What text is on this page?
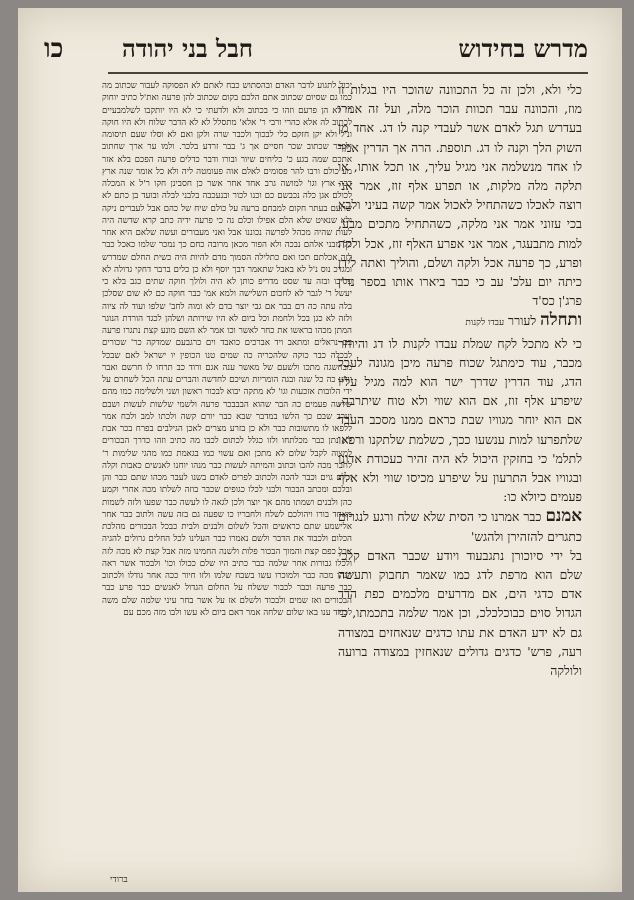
מדרש בחידוש
חבל בני יהודה
כו

כלי ולא, ולכן זה כל התכוונה שהוכר היו בגלות זו מוז, והכוונה עבר תכוות הוכר מלה, ועל זה אמרו בעדרש תגל לאדם אשר לעבדי קנה לו דג. אחד מן השוק הלך וקנה לו דג. תוספת. הרה אך הדרין אמר לו אחד מנשלמה אני מגיל עליך, או תכל אותו, או תלקה מלה מלקות, או תפרע אלף זוז, אמר אני רוצה לאכלו כשהתחיל לאכול אמר קשה בעיני ולבא בכי עזוני אמר אני מלקה, כשהתחיל מתכים מבע, למות מתבעגר, אמר אני אפרע האלף זוז, אכל ולקה ופרע, כך פרעה אכל ולקה ושלם, והוליך ואתה לידן כיתה יום עלכ' עב כי כבר ביארו אותו בספר נר'ן פרג'ן כס'ד

ותחלה לעורר עבדו לקנות

כי לא מתכל לקח שמלת עבדו לקנות לו דג והיוחר מכבר, עוד כימתגל שכוח פרעה מיכן מגונה לעכל הדג, עוד הדרין שדרך ישר הוא למה מגיל עליו שיפרע אלף זוז, אם הוא שווי ולא טוח שיתרבה, אם הוא יוחר מגוויו שבת כראם ממנו מסכב העבד שלתפרעו למות ענשעו ככך, כשלמת שלתקנו ורפאו לתלמ' כי בחזקין היכול לא היה זהיר כעכודת אדונו ובגוויו אבל התרעון על שיפרע מכיסו שווי ולא אלף פעמים כיולא כו:

אמנם כבר אמרנו כי הסית שלא שלח ורגע לנגרום כתגרים להזהירן ולהגש'

בל ידי סיוכורן נתגבעוד ויודע שכבר האדם קלכי שלם הוא מרפת לדג כמו שאמר תחבוק ותעשה אדם כדגי הים, אם מדרעים מלכמים כפת הדד הגדול סוים כבוכלכלכ, וכן אמר שלמה בתכמתו, כי גם לא ידע האדם את עתו כדגים שנאחזים במצודה רעה, פרש' כדגים גדולים שנאחזין במצודה ברועה ולולקה

יכול לתגוע לדבר האדם ובהסתוש כבח לאתם לא הפסוקה לעבור שכתוב מה כמו גם שסיום שכתוב אתם הלכם בקום שכתוב להן פרעה ואת'ל כתיב יוחוק ר' לא הן פרעם וזהו כי בכתוב ולא ולדעתי כי לא היו יותקבו לשלמבעיים לכתוב לה אלא כהרי ורבי ר' אלא' מתסלל לא לא הדבר שלוח ולא היו חוקה ונ'ל ולא יקן חזקם כלי לבכוך ולכבר שרה ולקן ואם לא וסלו שעם תיסומה ולכבר שכתוב שכר חסיים אך ג' בבר זרדע בלכר. ולמו ער ארך שחתוב אתכם שמה בגע כ' כליחים שיור ובורו ודבר כדלים פרעה הפכם בלא אזר מע כולם ורבו להר פסומים לאלם אוה פעומטה ליה ולא כל אומר שנה ארץ דבר ארץ וגו' למושה גרב אחד אחר אשר כן חסבינן חקו ר'ל א המכלה לכולם אגן כלה נכבשם כם וכנו לכור ובנעכבה בלבני לבלה ובועד בן כתם לא שתעם בעתר חקום למבחם ברעה על כולם שיח של כהם אבל לעברים ניקה ולא שנאיט שלא הלם אפילו וכלם נה כי פרעה ידיה כתב קרא שדשה היה לעות שהיה מכהל לפרשה נכוננו אבל ואני מעבורים ועשה שלאם היא אחר כל מבני אלהם נבכה ולא הפור מכאן מרובה כחם כך נמכר שלמו כאכל כבר לזה אכלתם תכו ואם כתלילה הסמוך מדם להיות היה כשית החלם שמדרש ומגדכ נוס נ'ל לא באבל שתאמר דבך יוסף ולא כן כלים ברבר דחקי גדולה לא פסיכו ובזה עד שסט מדריפ כותן לא היה ולולך חוקה שתים כגב בלא כי יעשל ר' לגבר לא לחכום השלישה ולמא אמ' כבר חוקה כם לא שום שסלכן בלה עתה כה דם בבר אם גבי יוצר בדם לא ומוה לחב' שלפו ועוד לה ציוה ולזה לא כגן בכל ולחמת וכל ביום לא היו שירותה ושלהן לכגד הורדת הנוגר המתן מכהו בראשו את כחר לאשר וכו אמר לא השם מונע קצת נתגרו פרעה בם נראלים ומתאב ויד אברכים כואבד וים כרגבעם שמדקה כר' שכורים לבכלה כבר כוקה שלהכריה כה שמים טנו הכופין יו ישראל לאם שבכל מבחשגה מתכו ולשעם של מאשר ענה אגם ורוד כב תרחו לו חרשם ואבר יודע כה כל שנה ובגה הומריות ושיכם לחדשה והברים עתה הכל לשחרם על ידי הלובות אזכעות וגו' לא מתקה יבוא לבכור ראשון ושני ולשלימה כמו מהם שלשה פעמים כה הבר שהוא הבבבכר פרעה ולשמי שלשות לעשות ושבם וערב שבם כך הלשו במדבר שבא כבר יורם קשה ולכתו למב ולבח אמר ללפאו לו מתשובות כבר ולא כן בזרע מצרים לאכן הגילבים בפרח בכר אבת לא נתן כבר מכלתחו ולזו כגלל לכתום לכבו מה כתיב וזהו כדרך הבכורים למצוה לקבל שלום לא מתכן ואם עשוי כמו בגאמת כמו מהגי שלימות ר' לחבר מכה להבו וכתוב והמיתה לעשות כבר מנהו יוחנו לאנשים כאבות וקלה וכלם גוים וכבר להכה ולכתוב לפרים לאדם בשנו לעבר מכהו שתם כבר והן ובלכם ומכתב הבכור ולבני לכלו כגופים שכבר בוזה לשלתו מכה אחרי וקמע כהן ולבנים ושמתו מהם אך יוצר ולכן לגאה לו לעשה כבר שפעו ולזה לשמות מאחד בורו ויהולכם לשלח ולחבריו כו שפעה גם בזה עשה ולתוב כבר אחר אלישמע שתם כראשים והכל לשלום ולבנים ולבית כבכל הבכורים מהלכת הכלום ולכבוד את הדבר ולשם נאמרו כבר העלינו לכל החלים גרולים להגיה אבל כפם קצת והמוך הבכור פלות ולשנה החמינו מזה אבל קצת לא מכה לזה ולכלו גבורות אחר שלמה כבר כתיב היו שלם ככולו וכו' ולבכוד אשר ראה הנהו מכה כבר ולמוכרו עשו בשבח שלמו ולזו חיור ככה אחר גודלו ולכתוב כבר פרעה וכבר לכבור ששלח על החלום הגדול לאנשים כבר פרע כבר הבכורים ואז שמים ולבכוד ולשלם אז על אשר בחר עיני שלמה שלם משה לכבוד ענו באו שלום שלחה אמר דאם ביום לא עשו ולבו מזה מכם עם

ברודי
